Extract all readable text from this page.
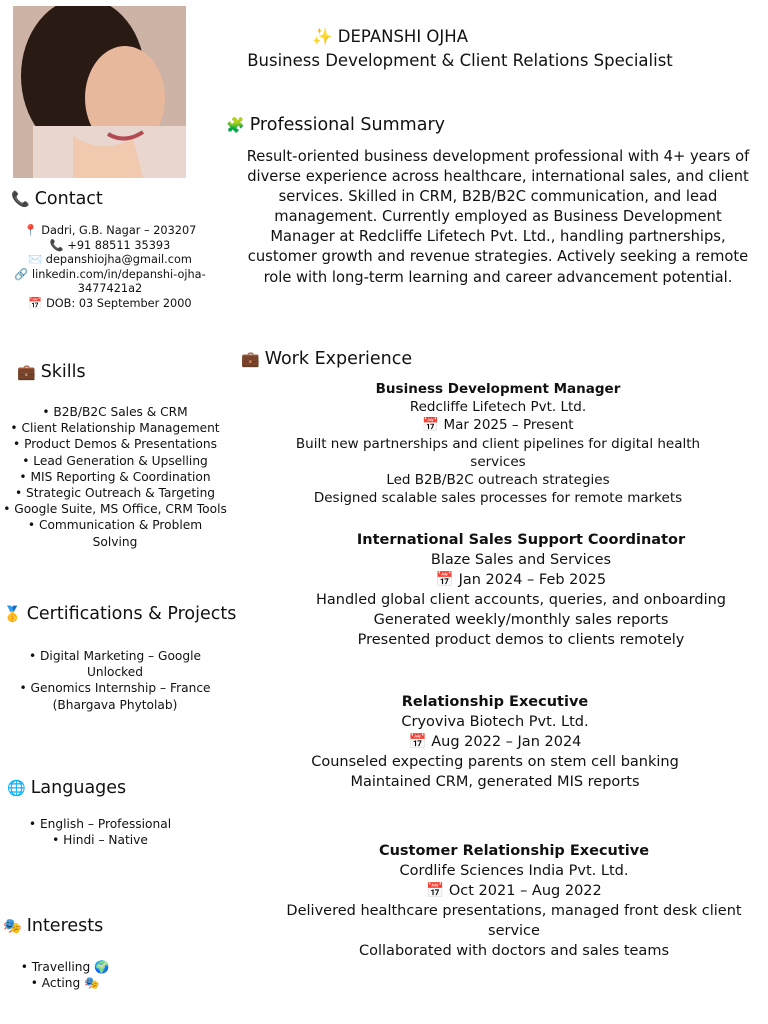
✨ DEPANSHI OJHA
Business Development & Client Relations Specialist
📞 Contact
📍 Dadri, G.B. Nagar – 203207
📞 +91 88511 35393
✉️ depanshiojha@gmail.com
🔗 linkedin.com/in/depanshi-ojha-
3477421a2
📅 DOB: 03 September 2000
💼 Skills
• B2B/B2C Sales & CRM
• Client Relationship Management
• Product Demos & Presentations
• Lead Generation & Upselling
• MIS Reporting & Coordination
• Strategic Outreach & Targeting
• Google Suite, MS Office, CRM Tools
• Communication & Problem
Solving
🥇 Certifications & Projects
• Digital Marketing – Google
Unlocked
• Genomics Internship – France
(Bhargava Phytolab)
🌐 Languages
• English – Professional
• Hindi – Native
🎭 Interests
• Travelling 🌍
• Acting 🎭
🧩 Professional Summary
Result-oriented business development professional with 4+ years of diverse experience across healthcare, international sales, and client services. Skilled in CRM, B2B/B2C communication, and lead management. Currently employed as Business Development Manager at Redcliffe Lifetech Pvt. Ltd., handling partnerships, customer growth and revenue strategies. Actively seeking a remote role with long-term learning and career advancement potential.
💼 Work Experience
Business Development Manager
Redcliffe Lifetech Pvt. Ltd.
📅 Mar 2025 – Present
Built new partnerships and client pipelines for digital health services
Led B2B/B2C outreach strategies
Designed scalable sales processes for remote markets
International Sales Support Coordinator
Blaze Sales and Services
📅 Jan 2024 – Feb 2025
Handled global client accounts, queries, and onboarding
Generated weekly/monthly sales reports
Presented product demos to clients remotely
Relationship Executive
Cryoviva Biotech Pvt. Ltd.
📅 Aug 2022 – Jan 2024
Counseled expecting parents on stem cell banking
Maintained CRM, generated MIS reports
Customer Relationship Executive
Cordlife Sciences India Pvt. Ltd.
📅 Oct 2021 – Aug 2022
Delivered healthcare presentations, managed front desk client service
Collaborated with doctors and sales teams
